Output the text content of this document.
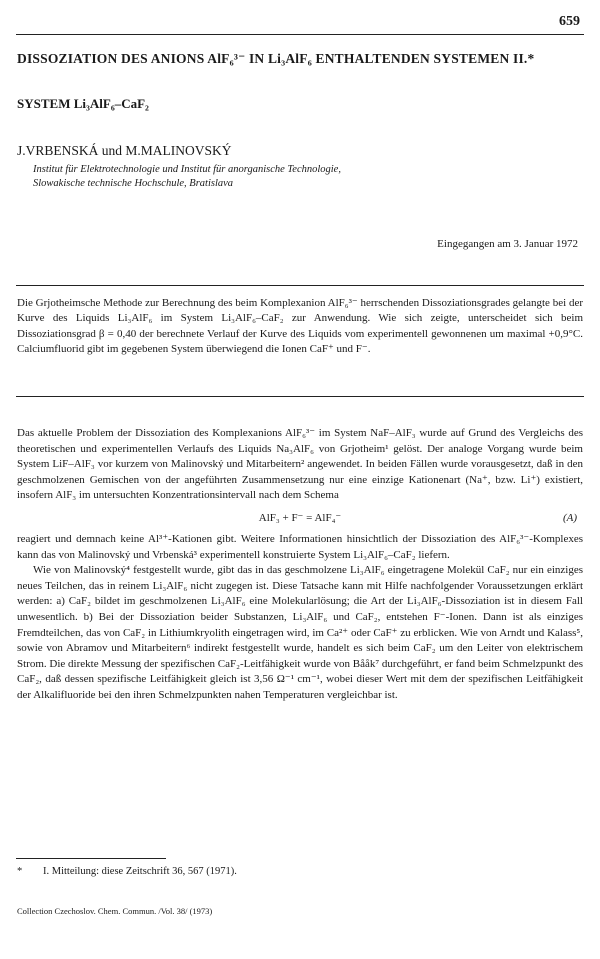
659
DISSOZIATION DES ANIONS AlF₆³⁻ IN Li₃AlF₆ ENTHALTENDEN SYSTEMEN II.*
SYSTEM Li₃AlF₆–CaF₂
J.VRBENSKÁ und M.MALINOVSKÝ
Institut für Elektrotechnologie und Institut für anorganische Technologie,
Slowakische technische Hochschule, Bratislava
Eingegangen am 3. Januar 1972
Die Grjotheimsche Methode zur Berechnung des beim Komplexanion AlF₆³⁻ herrschenden Dissoziationsgrades gelangte bei der Kurve des Liquids Li₃AlF₆ im System Li₃AlF₆–CaF₂ zur Anwendung. Wie sich zeigte, unterscheidet sich beim Dissoziationsgrad β = 0,40 der berechnete Verlauf der Kurve des Liquids vom experimentell gewonnenen um maximal +0,9°C. Calciumfluorid gibt im gegebenen System überwiegend die Ionen CaF⁺ und F⁻.

Das aktuelle Problem der Dissoziation des Komplexanions AlF₆³⁻ im System NaF–AlF₃ wurde auf Grund des Vergleichs des theoretischen und experimentellen Verlaufs des Liquids Na₃AlF₆ von Grjotheim¹ gelöst. Der analoge Vorgang wurde beim System LiF–AlF₃ vor kurzem von Malinovský und Mitarbeitern² angewendet. In beiden Fällen wurde vorausgesetzt, daß in den geschmolzenen Gemischen von der angeführten Zusammensetzung nur eine einzige Kationenart (Na⁺, bzw. Li⁺) existiert, insofern AlF₃ im untersuchten Konzentrationsintervall nach dem Schema

AlF₃ + F⁻ = AlF₄⁻	(A)

reagiert und demnach keine Al³⁺-Kationen gibt. Weitere Informationen hinsichtlich der Dissoziation des AlF₆³⁻-Komplexes kann das von Malinovský und Vrbenská³ experimentell konstruierte System Li₃AlF₆–CaF₂ liefern.

Wie von Malinovský⁴ festgestellt wurde, gibt das in das geschmolzene Li₃AlF₆ eingetragene Molekül CaF₂ nur ein einziges neues Teilchen, das in reinem Li₃AlF₆ nicht zugegen ist. Diese Tatsache kann mit Hilfe nachfolgender Voraussetzungen erklärt werden: a) CaF₂ bildet im geschmolzenen Li₃AlF₆ eine Molekularlösung; die Art der Li₃AlF₆-Dissoziation ist in diesem Fall unwesentlich. b) Bei der Dissoziation beider Substanzen, Li₃AlF₆ und CaF₂, entstehen F⁻-Ionen. Dann ist als einziges Fremdteilchen, das von CaF₂ in Lithiumkryolith eingetragen wird, im Ca²⁺ oder CaF⁺ zu erblicken. Wie von Arndt und Kalass⁵, sowie von Abramov und Mitarbeitern⁶ indirekt festgestellt wurde, handelt es sich beim CaF₂ um den Leiter von elektrischem Strom. Die direkte Messung der spezifischen CaF₂-Leitfähigkeit wurde von Bååk⁷ durchgeführt, er fand beim Schmelzpunkt des CaF₂, daß dessen spezifische Leitfähigkeit gleich ist 3,56 Ω⁻¹ cm⁻¹, wobei dieser Wert mit dem der spezifischen Leitfähigkeit der Alkalifluoride bei den ihren Schmelzpunkten nahen Temperaturen vergleichbar ist.

* I. Mitteilung: diese Zeitschrift 36, 567 (1971).
Collection Czechoslov. Chem. Commun. /Vol. 38/ (1973)
